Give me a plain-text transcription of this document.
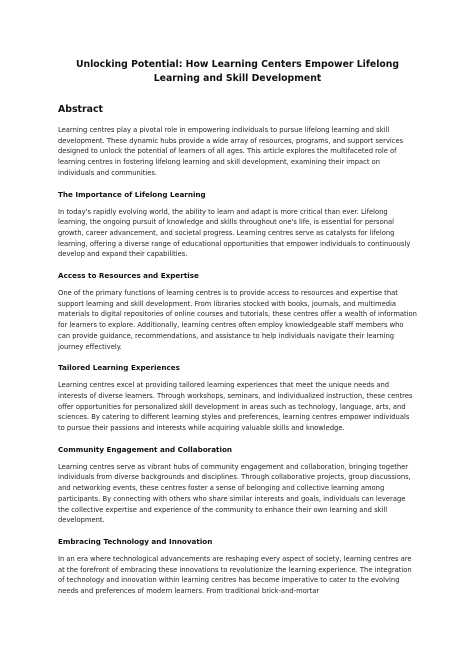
Unlocking Potential: How Learning Centers Empower Lifelong Learning and Skill Development
Abstract

Learning centres play a pivotal role in empowering individuals to pursue lifelong learning and skill development. These dynamic hubs provide a wide array of resources, programs, and support services designed to unlock the potential of learners of all ages. This article explores the multifaceted role of learning centres in fostering lifelong learning and skill development, examining their impact on individuals and communities.

The Importance of Lifelong Learning

In today's rapidly evolving world, the ability to learn and adapt is more critical than ever. Lifelong learning, the ongoing pursuit of knowledge and skills throughout one's life, is essential for personal growth, career advancement, and societal progress. Learning centres serve as catalysts for lifelong learning, offering a diverse range of educational opportunities that empower individuals to continuously develop and expand their capabilities.

Access to Resources and Expertise

One of the primary functions of learning centres is to provide access to resources and expertise that support learning and skill development. From libraries stocked with books, journals, and multimedia materials to digital repositories of online courses and tutorials, these centres offer a wealth of information for learners to explore. Additionally, learning centres often employ knowledgeable staff members who can provide guidance, recommendations, and assistance to help individuals navigate their learning journey effectively.

Tailored Learning Experiences

Learning centres excel at providing tailored learning experiences that meet the unique needs and interests of diverse learners. Through workshops, seminars, and individualized instruction, these centres offer opportunities for personalized skill development in areas such as technology, language, arts, and sciences. By catering to different learning styles and preferences, learning centres empower individuals to pursue their passions and interests while acquiring valuable skills and knowledge.

Community Engagement and Collaboration

Learning centres serve as vibrant hubs of community engagement and collaboration, bringing together individuals from diverse backgrounds and disciplines. Through collaborative projects, group discussions, and networking events, these centres foster a sense of belonging and collective learning among participants. By connecting with others who share similar interests and goals, individuals can leverage the collective expertise and experience of the community to enhance their own learning and skill development.

Embracing Technology and Innovation

In an era where technological advancements are reshaping every aspect of society, learning centres are at the forefront of embracing these innovations to revolutionize the learning experience. The integration of technology and innovation within learning centres has become imperative to cater to the evolving needs and preferences of modern learners. From traditional brick-and-mortar
